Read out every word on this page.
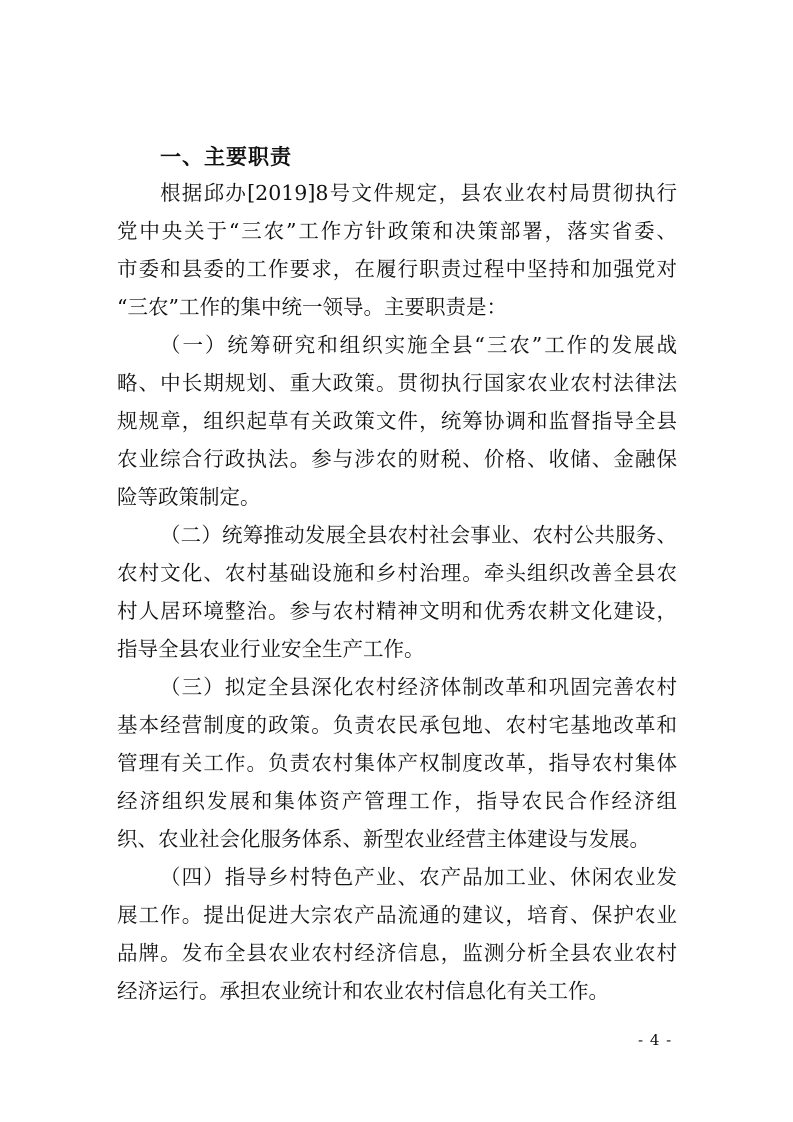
一、主要职责
根据邱办[2019]8号文件规定，县农业农村局贯彻执行
党中央关于“三农”工作方针政策和决策部署，落实省委、
市委和县委的工作要求，在履行职责过程中坚持和加强党对
“三农”工作的集中统一领导。主要职责是：
（一）统筹研究和组织实施全县“三农”工作的发展战
略、中长期规划、重大政策。贯彻执行国家农业农村法律法
规规章，组织起草有关政策文件，统筹协调和监督指导全县
农业综合行政执法。参与涉农的财税、价格、收储、金融保
险等政策制定。
（二）统筹推动发展全县农村社会事业、农村公共服务、
农村文化、农村基础设施和乡村治理。牵头组织改善全县农
村人居环境整治。参与农村精神文明和优秀农耕文化建设，
指导全县农业行业安全生产工作。
（三）拟定全县深化农村经济体制改革和巩固完善农村
基本经营制度的政策。负责农民承包地、农村宅基地改革和
管理有关工作。负责农村集体产权制度改革，指导农村集体
经济组织发展和集体资产管理工作，指导农民合作经济组
织、农业社会化服务体系、新型农业经营主体建设与发展。
（四）指导乡村特色产业、农产品加工业、休闲农业发
展工作。提出促进大宗农产品流通的建议，培育、保护农业
品牌。发布全县农业农村经济信息，监测分析全县农业农村
经济运行。承担农业统计和农业农村信息化有关工作。
- 4 -
